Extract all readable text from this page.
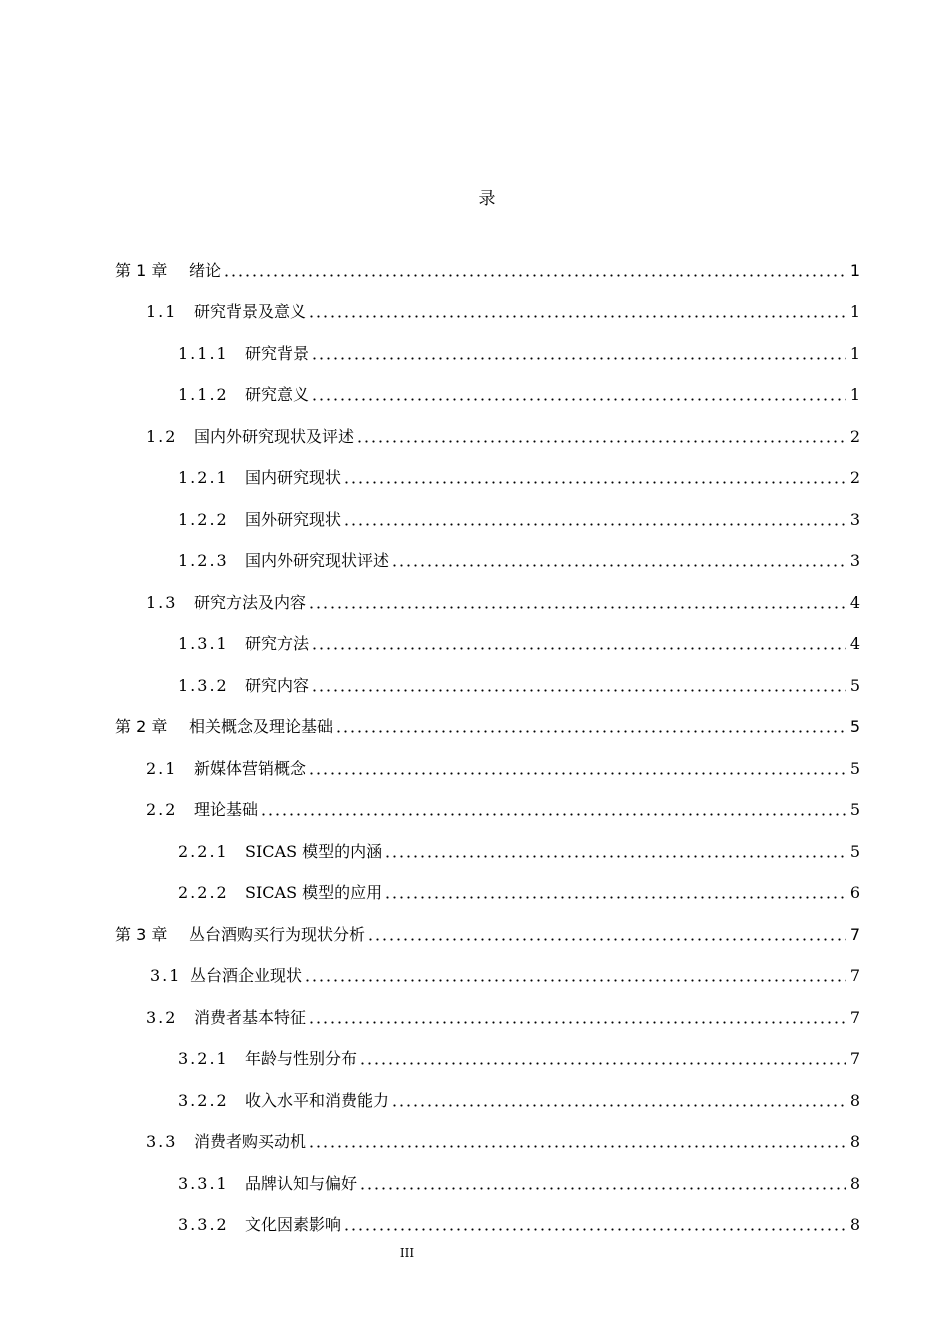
录
第 1 章	绪论	1
1.1	研究背景及意义	1
1.1.1	研究背景	1
1.1.2	研究意义	1
1.2	国内外研究现状及评述	2
1.2.1	国内研究现状	2
1.2.2	国外研究现状	3
1.2.3	国内外研究现状评述	3
1.3	研究方法及内容	4
1.3.1	研究方法	4
1.3.2	研究内容	5
第 2 章	相关概念及理论基础	5
2.1	新媒体营销概念	5
2.2	理论基础	5
2.2.1	SICAS 模型的内涵	5
2.2.2	SICAS 模型的应用	6
第 3 章	丛台酒购买行为现状分析	7
3.1 丛台酒企业现状	7
3.2	消费者基本特征	7
3.2.1	年龄与性别分布	7
3.2.2	收入水平和消费能力	8
3.3	消费者购买动机	8
3.3.1	品牌认知与偏好	8
3.3.2	文化因素影响	8
III
